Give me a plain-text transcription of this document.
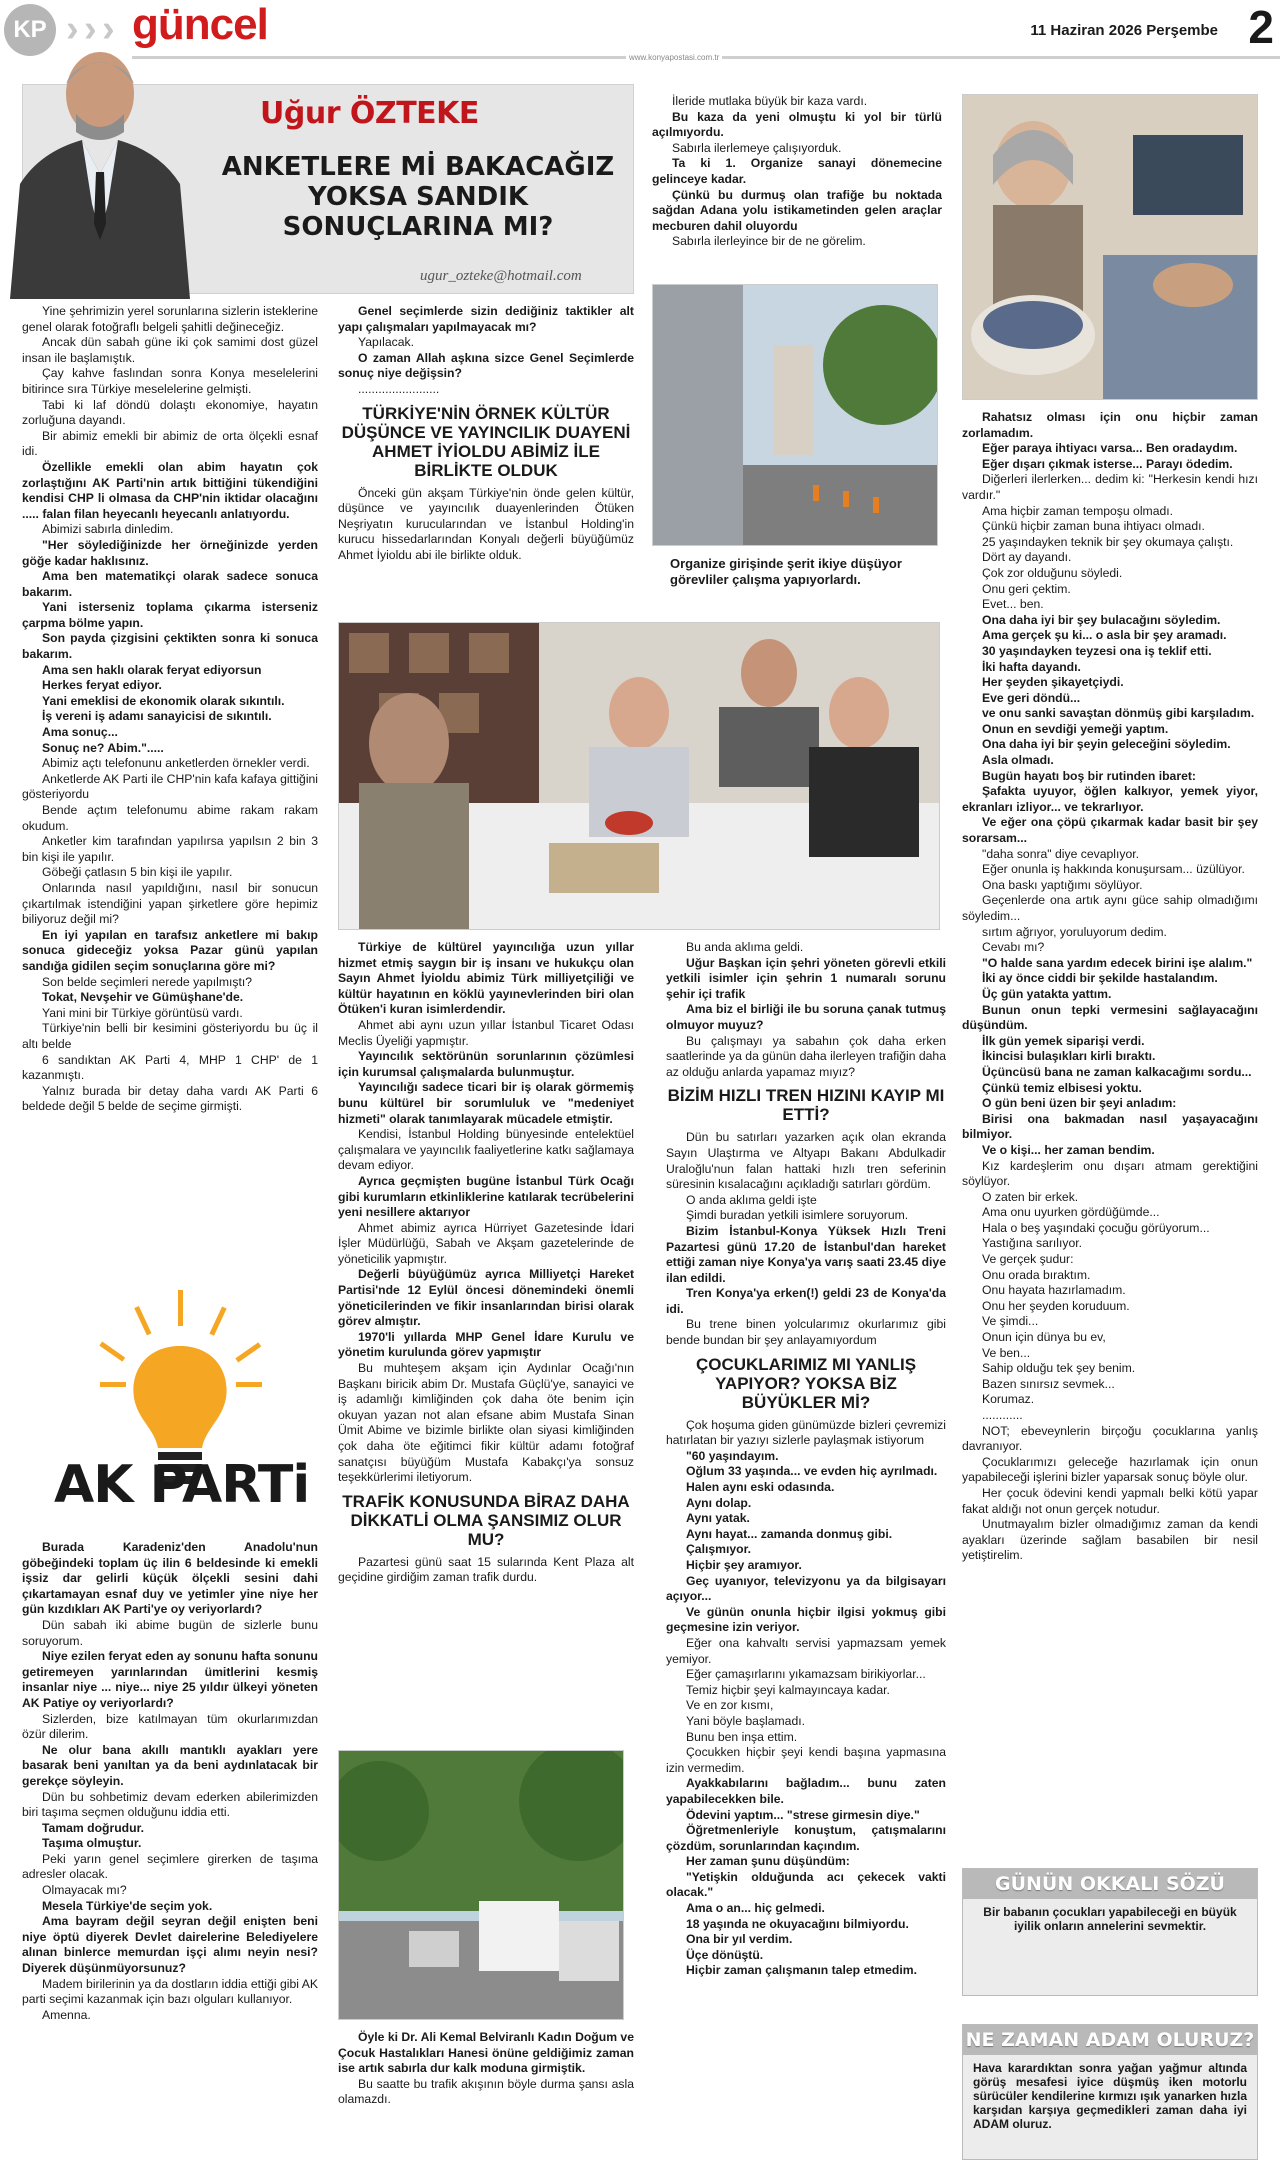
KP › › › güncel	11 Haziran 2026 Perşembe 2
www.konyapostasi.com.tr
Uğur ÖZTEKE
ANKETLERE Mİ BAKACAĞIZ YOKSA SANDIK SONUÇLARINA MI?
ugur_ozteke@hotmail.com

Yine şehrimizin yerel sorunlarına sizlerin isteklerine genel olarak fotoğraflı belgeli şahitli değineceğiz.

Ancak dün sabah güne iki çok samimi dost güzel insan ile başlamıştık.

Çay kahve faslından sonra Konya meselelerini bitirince sıra Türkiye meselelerine gelmişti.

Tabi ki laf döndü dolaştı ekonomiye, hayatın zorluğuna dayandı.

Bir abimiz emekli bir abimiz de orta ölçekli esnaf idi.

Özellikle emekli olan abim hayatın çok zorlaştığını AK Parti'nin artık bittiğini tükendiğini kendisi CHP li olmasa da CHP'nin iktidar olacağını ..... falan filan heyecanlı heyecanlı anlatıyordu.

Abimizi sabırla dinledim.

"Her söylediğinizde her örneğinizde yerden göğe kadar haklısınız.

Ama ben matematikçi olarak sadece sonuca bakarım.

Yani isterseniz toplama çıkarma isterseniz çarpma bölme yapın.

Son payda çizgisini çektikten sonra ki sonuca bakarım.

Ama sen haklı olarak feryat ediyorsun

Herkes feryat ediyor.

Yani emeklisi de ekonomik olarak sıkıntılı.

İş vereni iş adamı sanayicisi de sıkıntılı.

Ama sonuç...

Sonuç ne? Abim.".....

Abimiz açtı telefonunu anketlerden örnekler verdi.

Anketlerde AK Parti ile CHP'nin kafa kafaya gittiğini gösteriyordu

Bende açtım telefonumu abime rakam rakam okudum.

Anketler kim tarafından yapılırsa yapılsın 2 bin 3 bin kişi ile yapılır.

Göbeği çatlasın 5 bin kişi ile yapılır.

Onlarında nasıl yapıldığını, nasıl bir sonucun çıkartılmak istendiğini yapan şirketlere göre hepimiz biliyoruz değil mi?

En iyi yapılan en tarafsız anketlere mi bakıp sonuca gideceğiz yoksa Pazar günü yapılan sandığa gidilen seçim sonuçlarına göre mi?

Son belde seçimleri nerede yapılmıştı?

Tokat, Nevşehir ve Gümüşhane'de.

Yani mini bir Türkiye görüntüsü vardı.

Türkiye'nin belli bir kesimini gösteriyordu bu üç il altı belde

6 sandıktan AK Parti 4, MHP 1 CHP' de 1 kazanmıştı.

Yalnız burada bir detay daha vardı AK Parti 6 beldede değil 5 belde de seçime girmişti.

AK PARTi

Burada Karadeniz'den Anadolu'nun göbeğindeki toplam üç ilin 6 beldesinde ki emekli işsiz dar gelirli küçük ölçekli sesini dahi çıkartamayan esnaf duy ve yetimler yine niye her gün kızdıkları AK Parti'ye oy veriyorlardı?

Dün sabah iki abime bugün de sizlerle bunu soruyorum.

Niye ezilen feryat eden ay sonunu hafta sonunu getiremeyen yarınlarından ümitlerini kesmiş insanlar niye ... niye... niye 25 yıldır ülkeyi yöneten AK Patiye oy veriyorlardı?

Sizlerden, bize katılmayan tüm okurlarımızdan özür dilerim.

Ne olur bana akıllı mantıklı ayakları yere basarak beni yanıltan ya da beni aydınlatacak bir gerekçe söyleyin.

Dün bu sohbetimiz devam ederken abilerimizden biri taşıma seçmen olduğunu iddia etti.

Tamam doğrudur.

Taşıma olmuştur.

Peki yarın genel seçimlere girerken de taşıma adresler olacak.

Olmayacak mı?

Mesela Türkiye'de seçim yok.

Ama bayram değil seyran değil enişten beni niye öptü diyerek Devlet dairelerine Belediyelere alınan binlerce memurdan işçi alımı neyin nesi? Diyerek düşünmüyorsunuz?

Madem birilerinin ya da dostların iddia ettiği gibi AK parti seçimi kazanmak için bazı olguları kullanıyor.

Amenna.

Genel seçimlerde sizin dediğiniz taktikler alt yapı çalışmaları yapılmayacak mı?

Yapılacak.

O zaman Allah aşkına sizce Genel Seçimlerde sonuç niye değişsin?

........................

TÜRKİYE'NİN ÖRNEK KÜLTÜR DÜŞÜNCE VE YAYINCILIK DUAYENİ AHMET İYİOLDU ABİMİZ İLE BİRLİKTE OLDUK

Önceki gün akşam Türkiye'nin önde gelen kültür, düşünce ve yayıncılık duayenlerinden Ötüken Neşriyatın kurucularından ve İstanbul Holding'in kurucu hissedarlarından Konyalı değerli büyüğümüz Ahmet İyioldu abi ile birlikte olduk.

Türkiye de kültürel yayıncılığa uzun yıllar hizmet etmiş saygın bir iş insanı ve hukukçu olan Sayın Ahmet İyioldu abimiz Türk milliyetçiliği ve kültür hayatının en köklü yayınevlerinden biri olan Ötüken'i kuran isimlerdendir.

Ahmet abi aynı uzun yıllar İstanbul Ticaret Odası Meclis Üyeliği yapmıştır.

Yayıncılık sektörünün sorunlarının çözümlesi için kurumsal çalışmalarda bulunmuştur.

Yayıncılığı sadece ticari bir iş olarak görmemiş bunu kültürel bir sorumluluk ve "medeniyet hizmeti" olarak tanımlayarak mücadele etmiştir.

Kendisi, İstanbul Holding bünyesinde entelektüel çalışmalara ve yayıncılık faaliyetlerine katkı sağlamaya devam ediyor.

Ayrıca geçmişten bugüne İstanbul Türk Ocağı gibi kurumların etkinliklerine katılarak tecrübelerini yeni nesillere aktarıyor

Ahmet abimiz ayrıca Hürriyet Gazetesinde İdari İşler Müdürlüğü, Sabah ve Akşam gazetelerinde de yöneticilik yapmıştır.

Değerli büyüğümüz ayrıca Milliyetçi Hareket Partisi'nde 12 Eylül öncesi dönemindeki önemli yöneticilerinden ve fikir insanlarından birisi olarak görev almıştır.

1970'li yıllarda MHP Genel İdare Kurulu ve yönetim kurulunda görev yapmıştır

Bu muhteşem akşam için Aydınlar Ocağı'nın Başkanı biricik abim Dr. Mustafa Güçlü'ye, sanayici ve iş adamlığı kimliğinden çok daha öte benim için okuyan yazan not alan efsane abim Mustafa Sinan Ümit Abime ve bizimle birlikte olan siyasi kimliğinden çok daha öte eğitimci fikir kültür adamı fotoğraf sanatçısı büyüğüm Mustafa Kabakçı'ya sonsuz teşekkürlerimi iletiyorum.

TRAFİK KONUSUNDA BİRAZ DAHA DİKKATLİ OLMA ŞANSIMIZ OLUR MU?

Pazartesi günü saat 15 sularında Kent Plaza alt geçidine girdiğim zaman trafik durdu.

Öyle ki Dr. Ali Kemal Belviranlı Kadın Doğum ve Çocuk Hastalıkları Hanesi önüne geldiğimiz zaman ise artık sabırla dur kalk moduna girmiştik.

Bu saatte bu trafik akışının böyle durma şansı asla olamazdı.

İleride mutlaka büyük bir kaza vardı.

Bu kaza da yeni olmuştu ki yol bir türlü açılmıyordu.

Sabırla ilerlemeye çalışıyorduk.

Ta ki 1. Organize sanayi dönemecine gelinceye kadar.

Çünkü bu durmuş olan trafiğe bu noktada sağdan Adana yolu istikametinden gelen araçlar mecburen dahil oluyordu

Sabırla ilerleyince bir de ne görelim.

Organize girişinde şerit ikiye düşüyor görevliler çalışma yapıyorlardı.

Bu anda aklıma geldi.

Uğur Başkan için şehri yöneten görevli etkili yetkili isimler için şehrin 1 numaralı sorunu şehir içi trafik

Ama biz el birliği ile bu soruna çanak tutmuş olmuyor muyuz?

Bu çalışmayı ya sabahın çok daha erken saatlerinde ya da günün daha ilerleyen trafiğin daha az olduğu anlarda yapamaz mıyız?

BİZİM HIZLI TREN HIZINI KAYIP MI ETTİ?

Dün bu satırları yazarken açık olan ekranda Sayın Ulaştırma ve Altyapı Bakanı Abdulkadir Uraloğlu'nun falan hattaki hızlı tren seferinin süresinin kısalacağını açıkladığı satırları gördüm.

O anda aklıma geldi işte

Şimdi buradan yetkili isimlere soruyorum.

Bizim İstanbul-Konya Yüksek Hızlı Treni Pazartesi günü 17.20 de İstanbul'dan hareket ettiği zaman niye Konya'ya varış saati 23.45 diye ilan edildi.

Tren Konya'ya erken(!) geldi 23 de Konya'da idi.

Bu trene binen yolcularımız okurlarımız gibi bende bundan bir şey anlayamıyordum

ÇOCUKLARIMIZ MI YANLIŞ YAPIYOR? YOKSA BİZ BÜYÜKLER Mİ?

Çok hoşuma giden günümüzde bizleri çevremizi hatırlatan bir yazıyı sizlerle paylaşmak istiyorum

"60 yaşındayım.

Oğlum 33 yaşında... ve evden hiç ayrılmadı.

Halen aynı eski odasında.

Aynı dolap.

Aynı yatak.

Aynı hayat... zamanda donmuş gibi.

Çalışmıyor.

Hiçbir şey aramıyor.

Geç uyanıyor, televizyonu ya da bilgisayarı açıyor...

Ve günün onunla hiçbir ilgisi yokmuş gibi geçmesine izin veriyor.

Eğer ona kahvaltı servisi yapmazsam yemek yemiyor.

Eğer çamaşırlarını yıkamazsam birikiyorlar...

Temiz hiçbir şeyi kalmayıncaya kadar.

Ve en zor kısmı,

Yani böyle başlamadı.

Bunu ben inşa ettim.

Çocukken hiçbir şeyi kendi başına yapmasına izin vermedim.

Ayakkabılarını bağladım... bunu zaten yapabilecekken bile.

Ödevini yaptım... "strese girmesin diye."

Öğretmenleriyle konuştum, çatışmalarını çözdüm, sorunlarından kaçındım.

Her zaman şunu düşündüm:

"Yetişkin olduğunda acı çekecek vakti olacak."

Ama o an... hiç gelmedi.

18 yaşında ne okuyacağını bilmiyordu.

Ona bir yıl verdim.

Üçe dönüştü.

Hiçbir zaman çalışmanın talep etmedim.

Rahatsız olması için onu hiçbir zaman zorlamadım.

Eğer paraya ihtiyacı varsa... Ben oradaydım.

Eğer dışarı çıkmak isterse... Parayı ödedim.

Diğerleri ilerlerken... dedim ki: "Herkesin kendi hızı vardır."

Ama hiçbir zaman tempoşu olmadı.

Çünkü hiçbir zaman buna ihtiyacı olmadı.

25 yaşındayken teknik bir şey okumaya çalıştı.

Dört ay dayandı.

Çok zor olduğunu söyledi.

Onu geri çektim.

Evet... ben.

Ona daha iyi bir şey bulacağını söyledim.

Ama gerçek şu ki... o asla bir şey aramadı.

30 yaşındayken teyzesi ona iş teklif etti.

İki hafta dayandı.

Her şeyden şikayetçiydi.

Eve geri döndü...

ve onu sanki savaştan dönmüş gibi karşıladım.

Onun en sevdiği yemeği yaptım.

Ona daha iyi bir şeyin geleceğini söyledim.

Asla olmadı.

Bugün hayatı boş bir rutinden ibaret:

Şafakta uyuyor, öğlen kalkıyor, yemek yiyor, ekranları izliyor... ve tekrarlıyor.

Ve eğer ona çöpü çıkarmak kadar basit bir şey sorarsam...

"daha sonra" diye cevaplıyor.

Eğer onunla iş hakkında konuşursam... üzülüyor.

Ona baskı yaptığımı söylüyor.

Geçenlerde ona artık aynı güce sahip olmadığımı söyledim...

sırtım ağrıyor, yoruluyorum dedim.

Cevabı mı?

"O halde sana yardım edecek birini işe alalım."

İki ay önce ciddi bir şekilde hastalandım.

Üç gün yatakta yattım.

Bunun onun tepki vermesini sağlayacağını düşündüm.

İlk gün yemek siparişi verdi.

İkincisi bulaşıkları kirli bıraktı.

Üçüncüsü bana ne zaman kalkacağımı sordu...

Çünkü temiz elbisesi yoktu.

O gün beni üzen bir şeyi anladım:

Birisi ona bakmadan nasıl yaşayacağını bilmiyor.

Ve o kişi... her zaman bendim.

Kız kardeşlerim onu dışarı atmam gerektiğini söylüyor.

O zaten bir erkek.

Ama onu uyurken gördüğümde...

Hala o beş yaşındaki çocuğu görüyorum...

Yastığına sarılıyor.

Ve gerçek şudur:

Onu orada bıraktım.

Onu hayata hazırlamadım.

Onu her şeyden koruduum.

Ve şimdi...

Onun için dünya bu ev,

Ve ben...

Sahip olduğu tek şey benim.

Bazen sınırsız sevmek...

Korumaz.

............

NOT; ebeveynlerin birçoğu çocuklarına yanlış davranıyor.

Çocuklarımızı geleceğe hazırlamak için onun yapabileceği işlerini bizler yaparsak sonuç böyle olur.

Her çocuk ödevini kendi yapmalı belki kötü yapar fakat aldığı not onun gerçek notudur.

Unutmayalım bizler olmadığımız zaman da kendi ayakları üzerinde sağlam basabilen bir nesil yetiştirelim.

GÜNÜN OKKALI SÖZÜ
Bir babanın çocukları yapabileceği en büyük iyilik onların annelerini sevmektir.
NE ZAMAN ADAM OLURUZ?
Hava karardıktan sonra yağan yağmur altında görüş mesafesi iyice düşmüş iken motorlu sürücüler kendilerine kırmızı ışık yanarken hızla karşıdan karşıya geçmedikleri zaman daha iyi ADAM oluruz.
